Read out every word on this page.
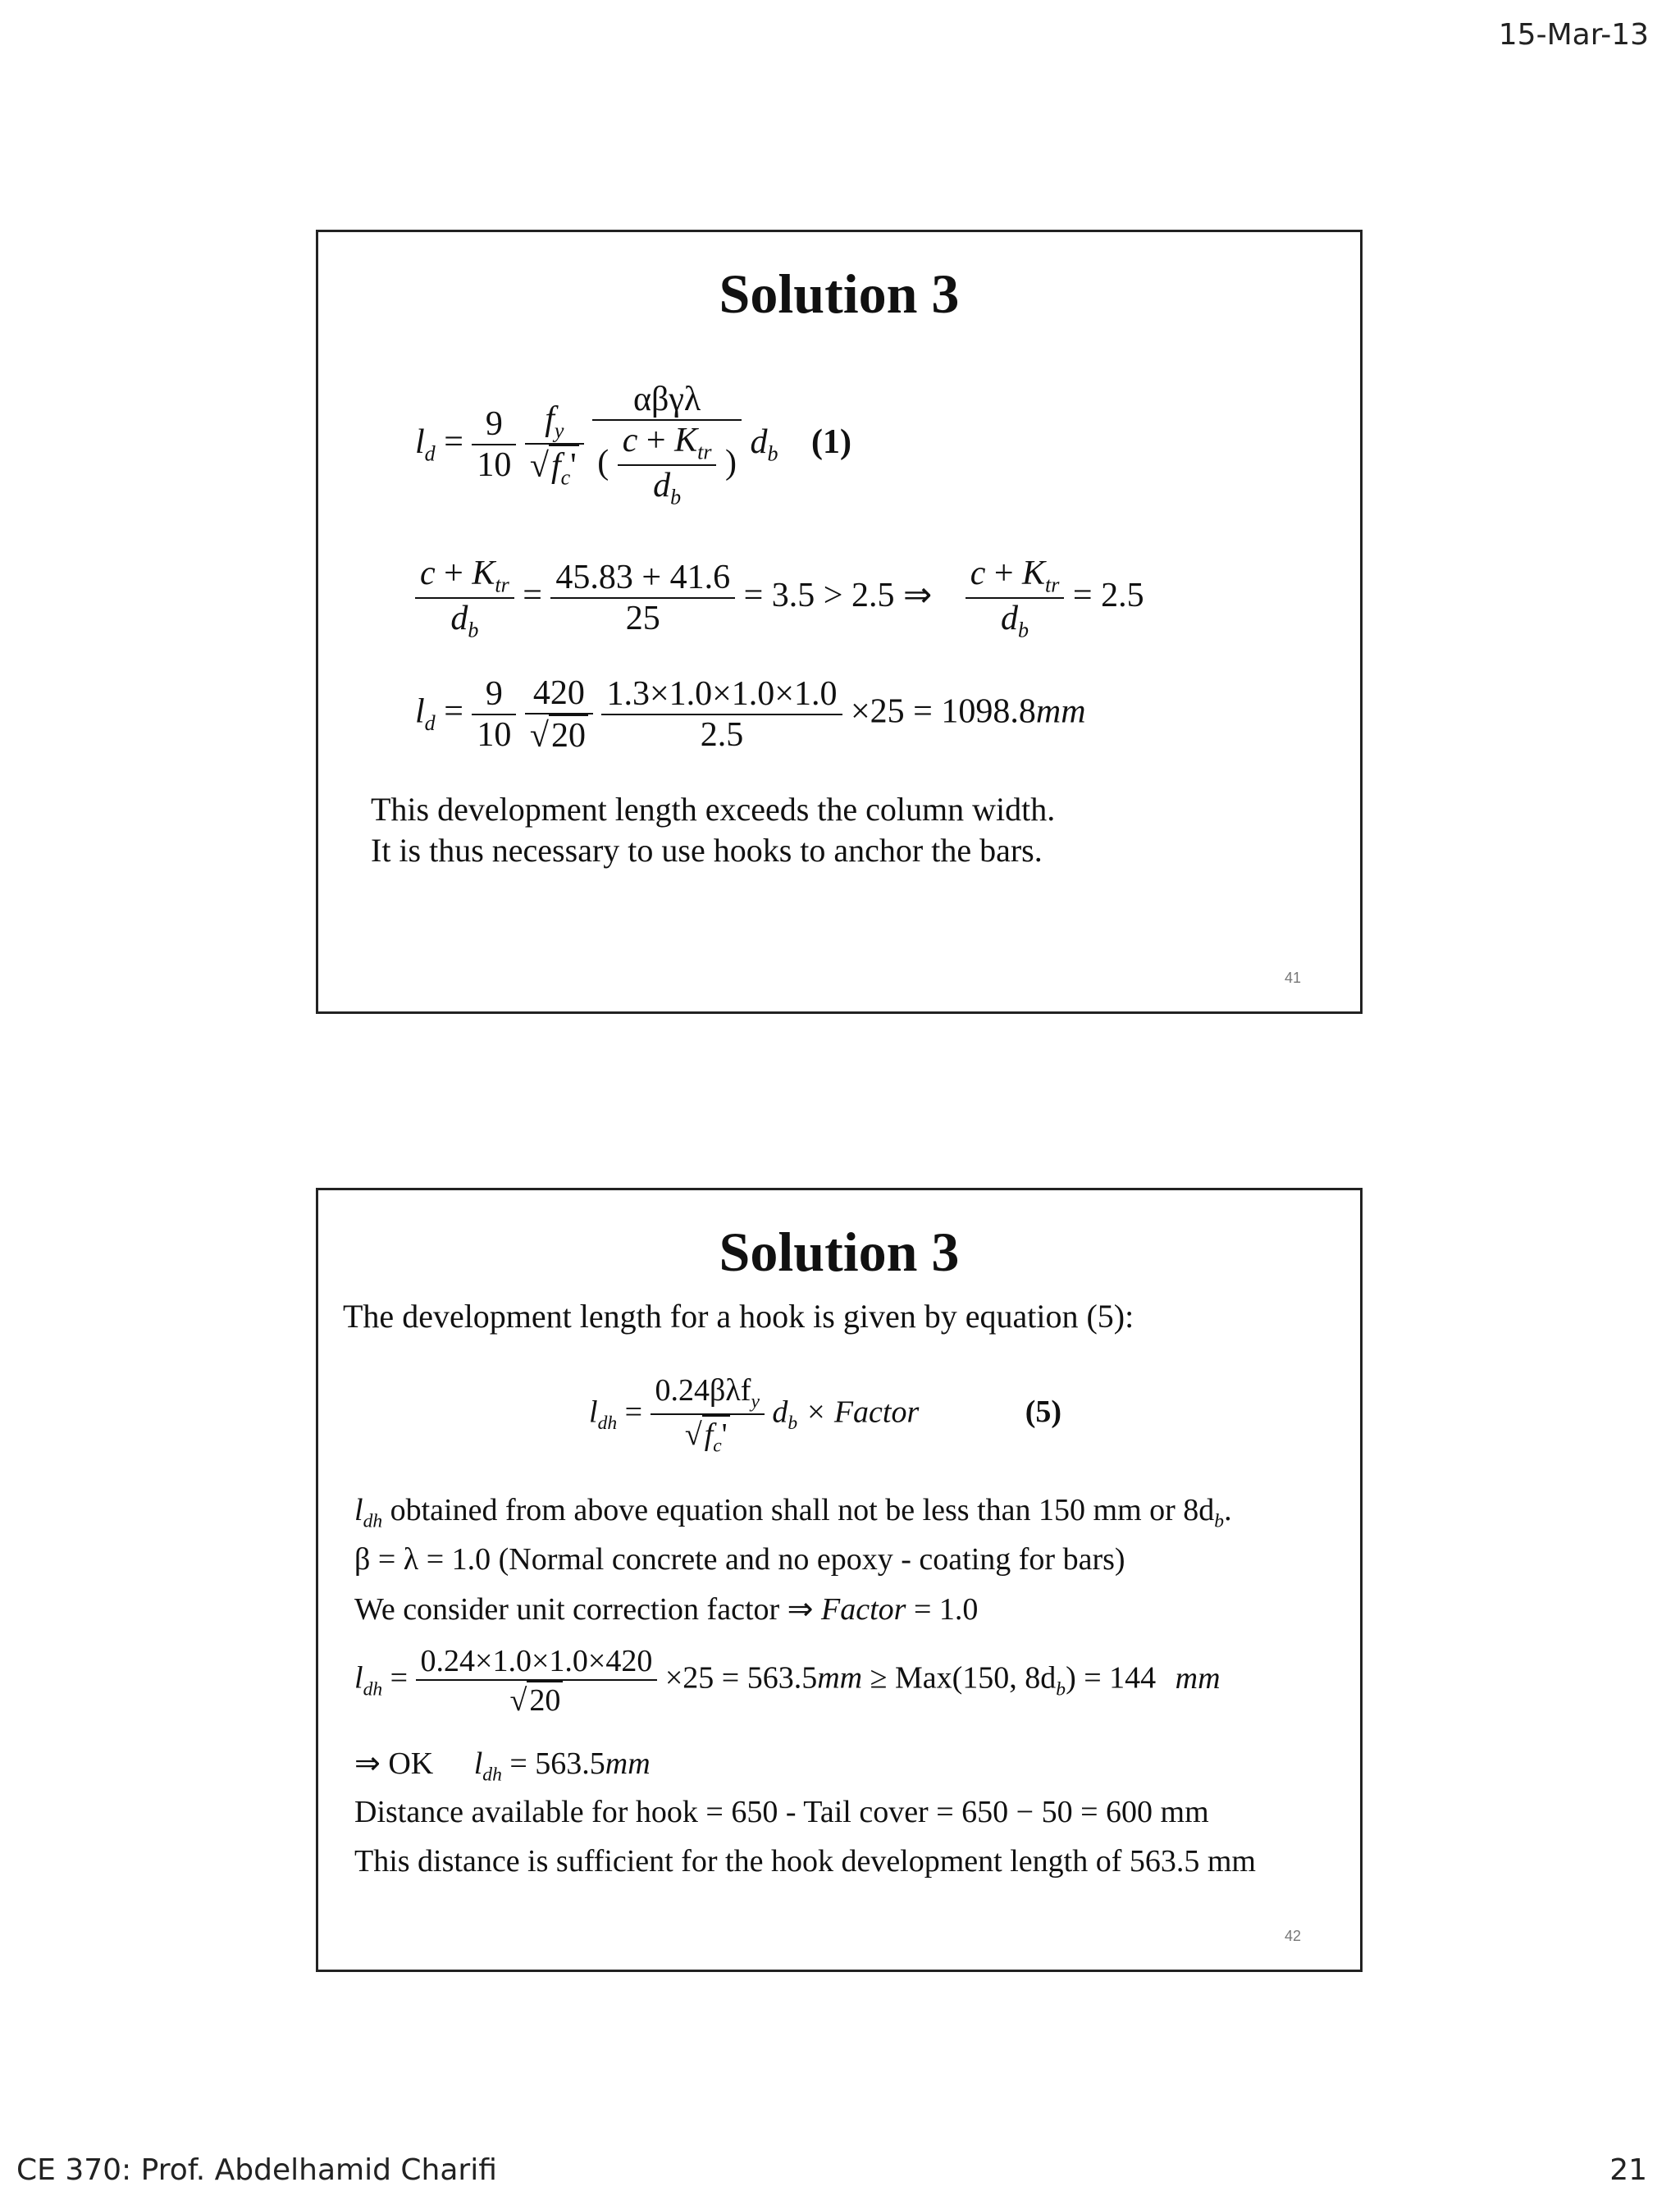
15-Mar-13
Solution 3
$l_d = \frac{9}{10}$
$\frac{f_y}{√f_c'}$
$\frac{\text{αβγλ}}{( \frac{c + K_{tr}}{d_b} )} d_b$ (1)
$\frac{c + K_{tr}}{d_b} = \frac{45.83 + 41.6}{25} = 3.5 > 2.5$ ⇒ $\frac{c + K_{tr}}{d_b} = 2.5$
$l_d = \frac{9}{10}$
$\frac{420}{√20}$
$\frac{1.3\times 1.0\times 1.0\times 1.0}{2.5} \times 25 = 1098.8mm$
This development length exceeds the column width.
It is thus necessary to use hooks to anchor the bars.
41
Solution 3
The development length for a hook is given by equation (5):
$l_{dh} = \frac{0.24\beta\lambda f_y}{√f_c'} d_b$ × Factor	(5)
$l_{dh}$ obtained from above equation shall not be less than 150 mm or $8d_b$.
β = λ = 1.0 (Normal concrete and no epoxy - coating for bars)
We consider unit correction factor ⇒ Factor = 1.0
$l_{dh} = \frac{0.24\times 1.0\times 1.0\times 420}{√20} \times 25 = 563.5mm \ge Max(150$, $8d_b) = 144$ mm
⇒ OK $l_{dh} = 563.5mm$
Distance available for hook = 650 - Tail cover = 650 − 50 = 600 mm
This distance is sufficient for the hook development length of 563.5 mm
42
CE 370: Prof. Abdelhamid Charifi	21
